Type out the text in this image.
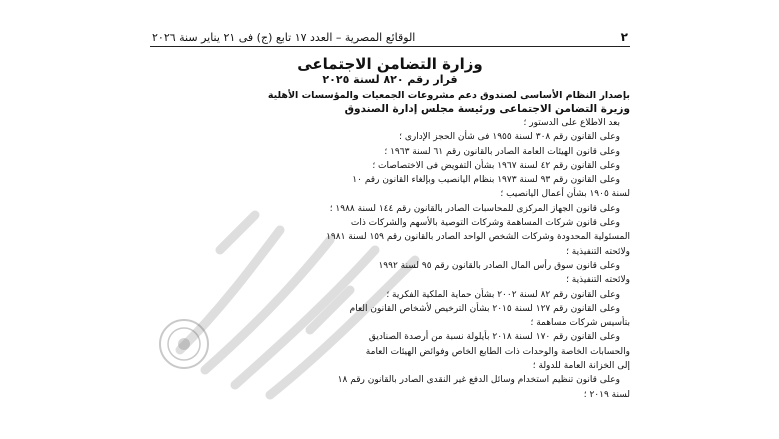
٢
الوقائع المصرية – العدد ١٧ تابع (ج) فى ٢١ يناير سنة ٢٠٢٦
وزارة التضامن الاجتماعى
قرار رقم ٨٢٠ لسنة ٢٠٢٥
بإصدار النظام الأساسى لصندوق دعم مشروعات الجمعيات والمؤسسات الأهلية
وزيرة التضامن الاجتماعى ورئيسة مجلس إدارة الصندوق
بعد الاطلاع على الدستور ؛
وعلى القانون رقم ٣٠٨ لسنة ١٩٥٥ فى شأن الحجز الإدارى ؛
وعلى قانون الهيئات العامة الصادر بالقانون رقم ٦١ لسنة ١٩٦٣ ؛
وعلى القانون رقم ٤٢ لسنة ١٩٦٧ بشأن التفويض فى الاختصاصات ؛
وعلى القانون رقم ٩٣ لسنة ١٩٧٣ بنظام اليانصيب وبإلغاء القانون رقم ١٠
لسنة ١٩٠٥ بشأن أعمال اليانصيب ؛
وعلى قانون الجهاز المركزى للمحاسبات الصادر بالقانون رقم ١٤٤ لسنة ١٩٨٨ ؛
وعلى قانون شركات المساهمة وشركات التوصية بالأسهم والشركات ذات
المسئولية المحدودة وشركات الشخص الواحد الصادر بالقانون رقم ١٥٩ لسنة ١٩٨١
ولائحته التنفيذية ؛
وعلى قانون سوق رأس المال الصادر بالقانون رقم ٩٥ لسنة ١٩٩٢
ولائحته التنفيذية ؛
وعلى القانون رقم ٨٢ لسنة ٢٠٠٢ بشأن حماية الملكية الفكرية ؛
وعلى القانون رقم ١٢٧ لسنة ٢٠١٥ بشأن الترخيص لأشخاص القانون العام
بتأسيس شركات مساهمة ؛
وعلى القانون رقم ١٧٠ لسنة ٢٠١٨ بأيلولة نسبة من أرصدة الصناديق
والحسابات الخاصة والوحدات ذات الطابع الخاص وفوائض الهيئات العامة
إلى الخزانة العامة للدولة ؛
وعلى قانون تنظيم استخدام وسائل الدفع غير النقدى الصادر بالقانون رقم ١٨
لسنة ٢٠١٩ ؛
